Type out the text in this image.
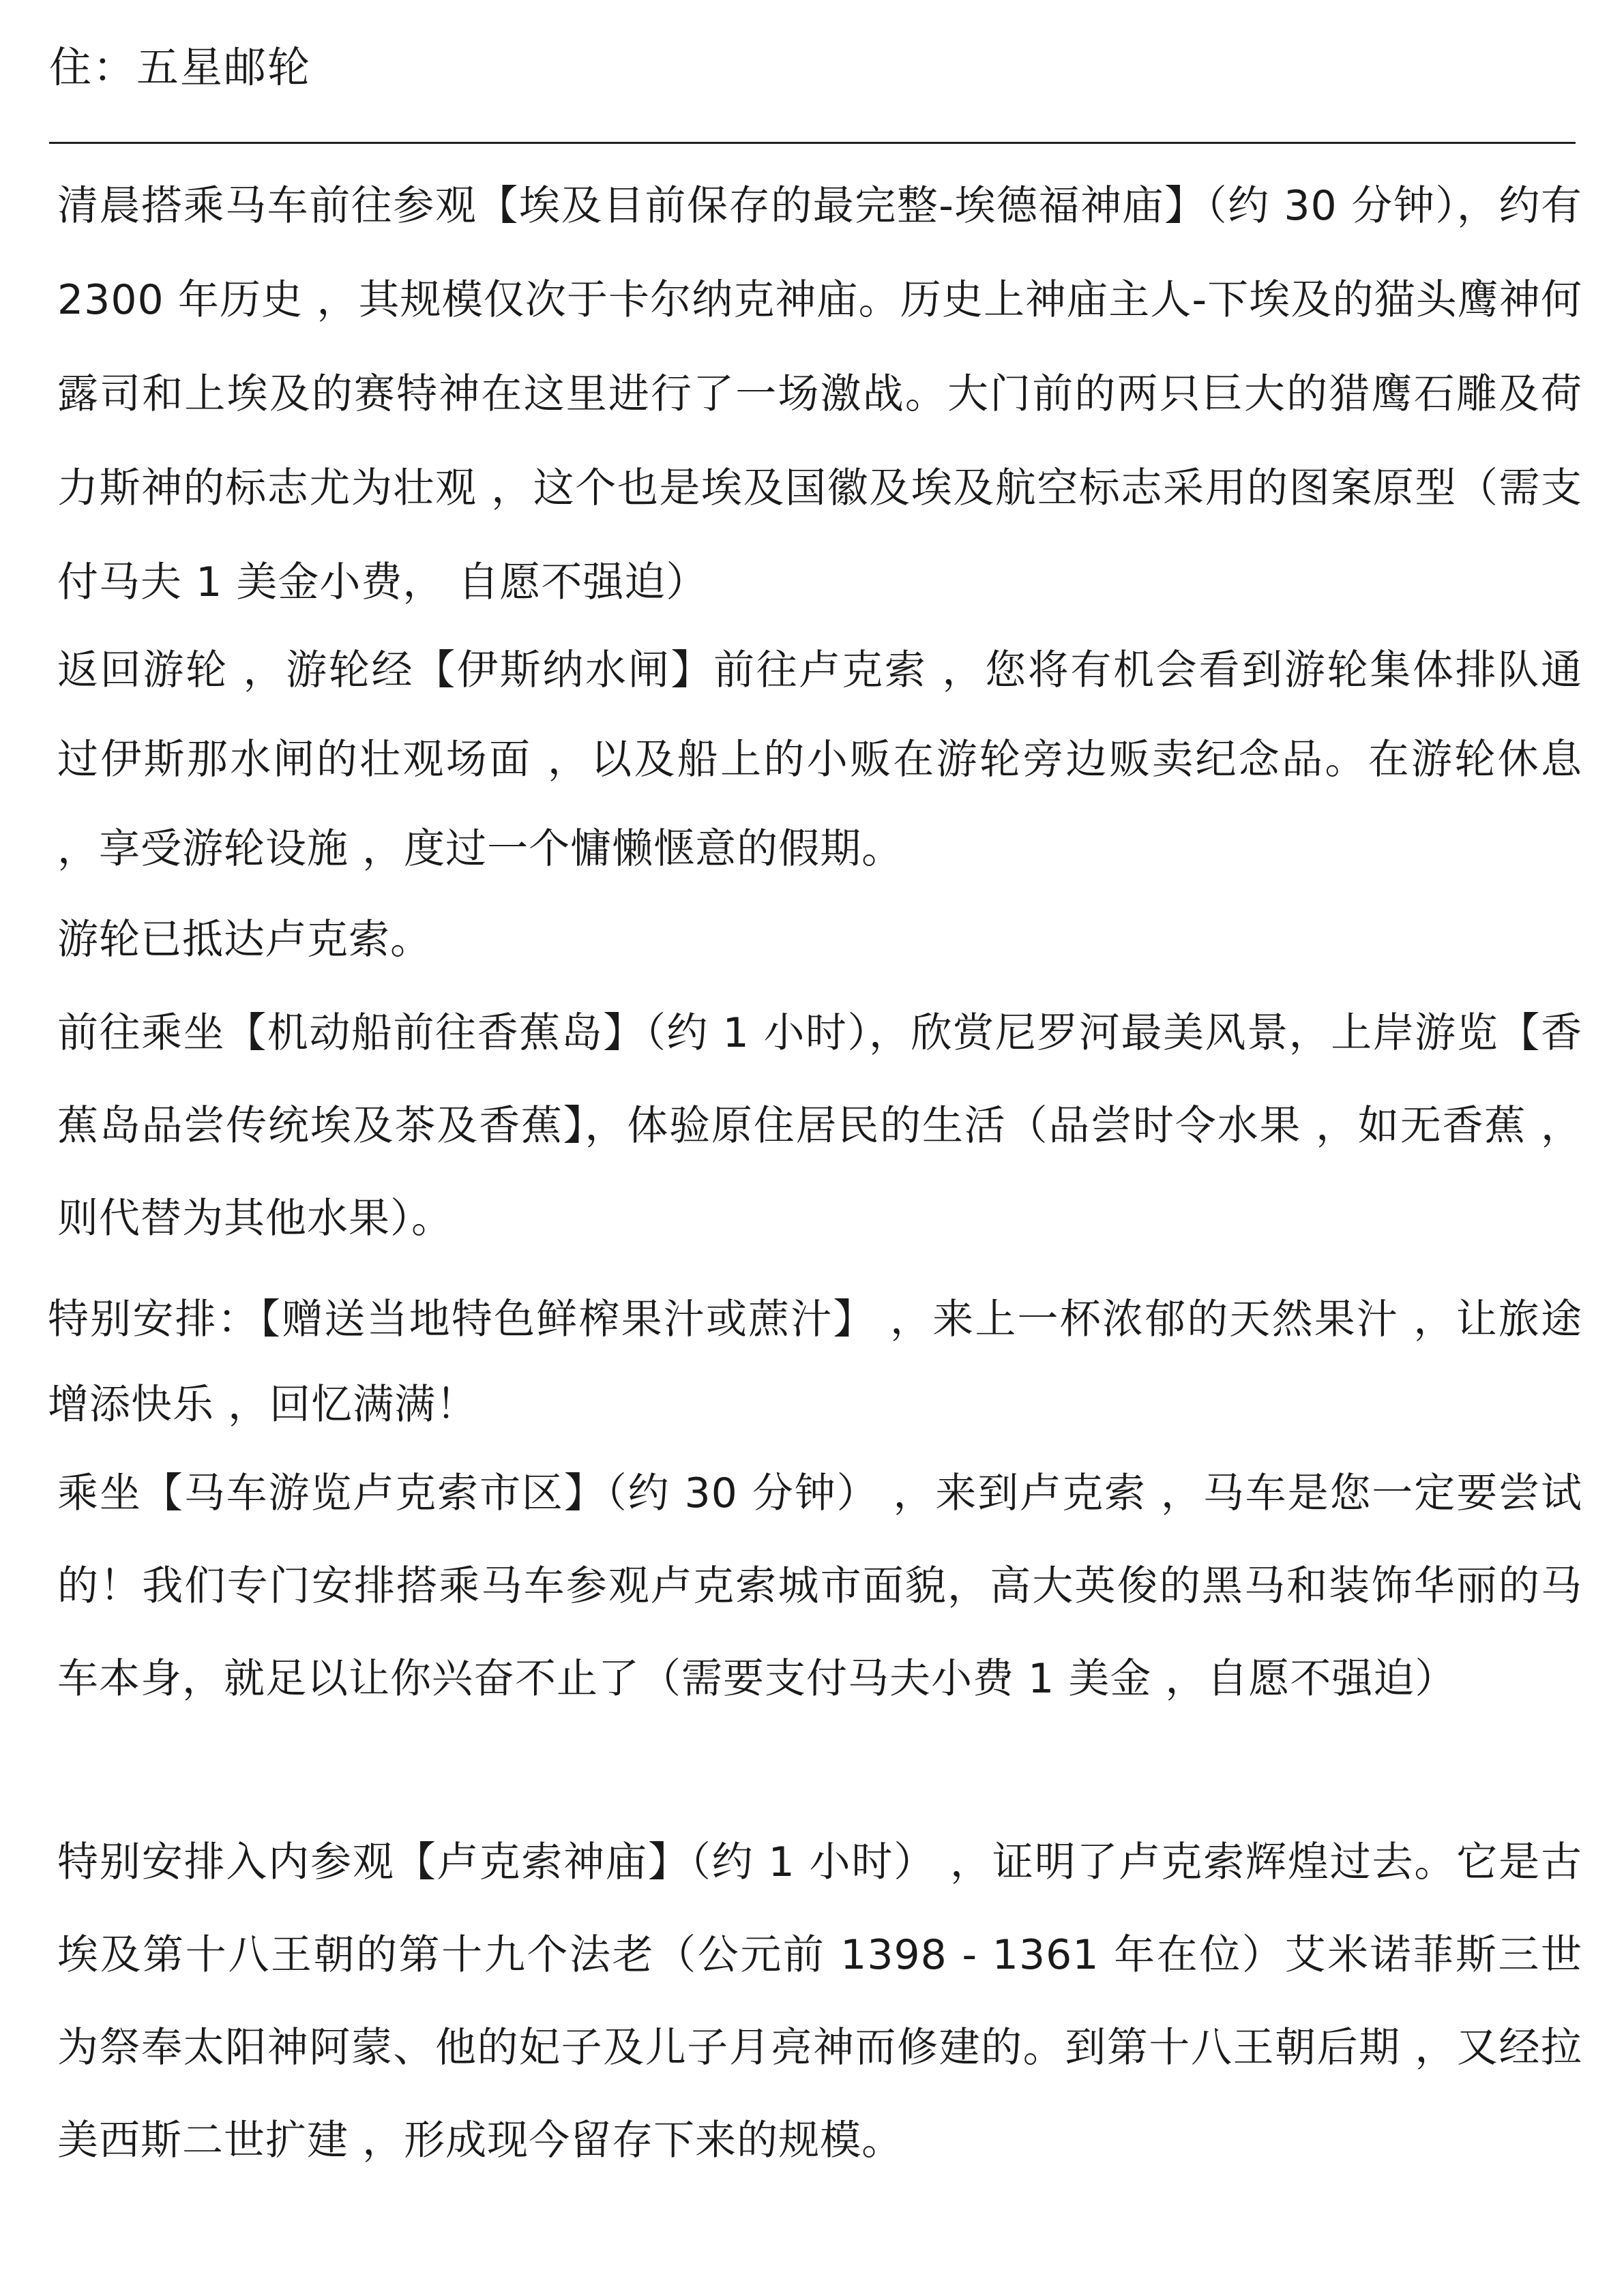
住：五星邮轮

清晨搭乘马车前往参观【埃及目前保存的最完整-埃德福神庙】（约 30 分钟），约有 2300 年历史 ，其规模仅次于卡尔纳克神庙。历史上神庙主人-下埃及的猫头鹰神何露司和上埃及的赛特神在这里进行了一场激战。大门前的两只巨大的猎鹰石雕及荷力斯神的标志尤为壮观 ，这个也是埃及国徽及埃及航空标志采用的图案原型（需支付马夫 1 美金小费， 自愿不强迫）

返回游轮 ，游轮经【伊斯纳水闸】前往卢克索 ，您将有机会看到游轮集体排队通过伊斯那水闸的壮观场面 ，以及船上的小贩在游轮旁边贩卖纪念品。在游轮休息 ，享受游轮设施 ，度过一个慵懒惬意的假期。

游轮已抵达卢克索。

前往乘坐【机动船前往香蕉岛】（约 1 小时），欣赏尼罗河最美风景，上岸游览【香蕉岛品尝传统埃及茶及香蕉】，体验原住居民的生活（品尝时令水果 ，如无香蕉 ，则代替为其他水果）。

特别安排：【赠送当地特色鲜榨果汁或蔗汁】 ，来上一杯浓郁的天然果汁 ，让旅途增添快乐 ，回忆满满！

乘坐【马车游览卢克索市区】（约 30 分钟） ，来到卢克索 ，马车是您一定要尝试的！我们专门安排搭乘马车参观卢克索城市面貌，高大英俊的黑马和装饰华丽的马车本身，就足以让你兴奋不止了（需要支付马夫小费 1 美金 ，自愿不强迫）

特别安排入内参观【卢克索神庙】（约 1 小时） ，证明了卢克索辉煌过去。它是古埃及第十八王朝的第十九个法老（公元前 1398 - 1361 年在位）艾米诺菲斯三世为祭奉太阳神阿蒙、他的妃子及儿子月亮神而修建的。到第十八王朝后期 ，又经拉美西斯二世扩建 ，形成现今留存下来的规模。
